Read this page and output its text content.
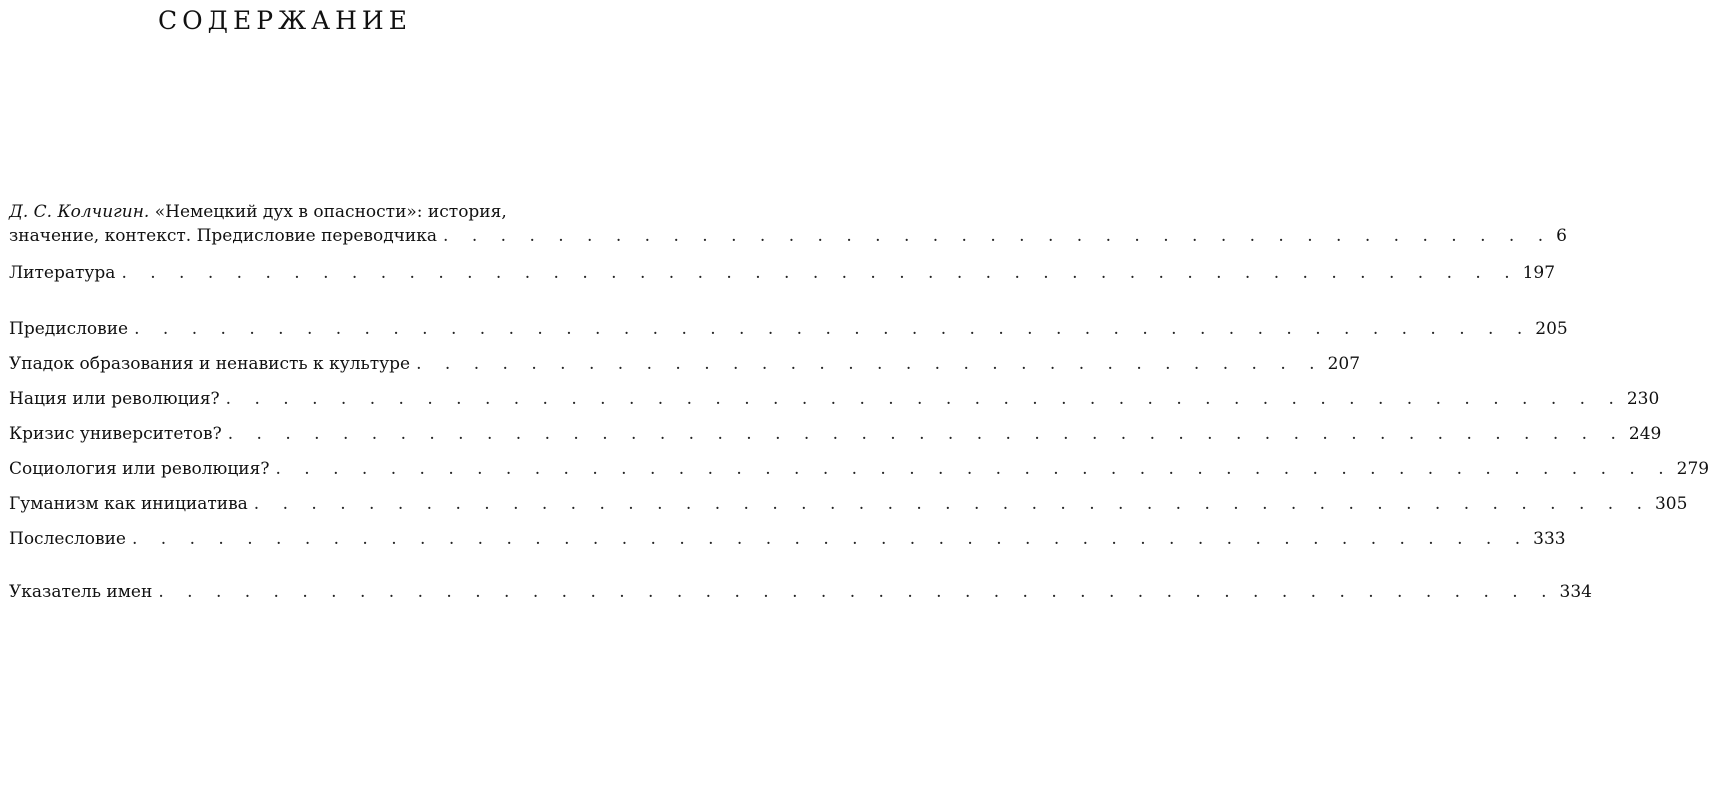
СОДЕРЖАНИЕ
Д. С. Колчигин. «Немецкий дух в опасности»: история,
значение, контекст. Предисловие переводчика . . . . . . . . . . . . . . . . . . . . . . . . . . . . . . . . . . . . . . . 6
Литература . . . . . . . . . . . . . . . . . . . . . . . . . . . . . . . . . . . . . . . . . . . . . . . . . 197
Предисловие . . . . . . . . . . . . . . . . . . . . . . . . . . . . . . . . . . . . . . . . . . . . . . . . . 205
Упадок образования и ненависть к культуре . . . . . . . . . . . . . . . . . . . . . . . . . . . . . . . . 207
Нация или революция? . . . . . . . . . . . . . . . . . . . . . . . . . . . . . . . . . . . . . . . . . . . . . . . . . 230
Кризис университетов? . . . . . . . . . . . . . . . . . . . . . . . . . . . . . . . . . . . . . . . . . . . . . . . . . 249
Социология или революция? . . . . . . . . . . . . . . . . . . . . . . . . . . . . . . . . . . . . . . . . . . . . . . . . . 279
Гуманизм как инициатива . . . . . . . . . . . . . . . . . . . . . . . . . . . . . . . . . . . . . . . . . . . . . . . . . 305
Послесловие . . . . . . . . . . . . . . . . . . . . . . . . . . . . . . . . . . . . . . . . . . . . . . . . . 333
Указатель имен . . . . . . . . . . . . . . . . . . . . . . . . . . . . . . . . . . . . . . . . . . . . . . . . . 334
